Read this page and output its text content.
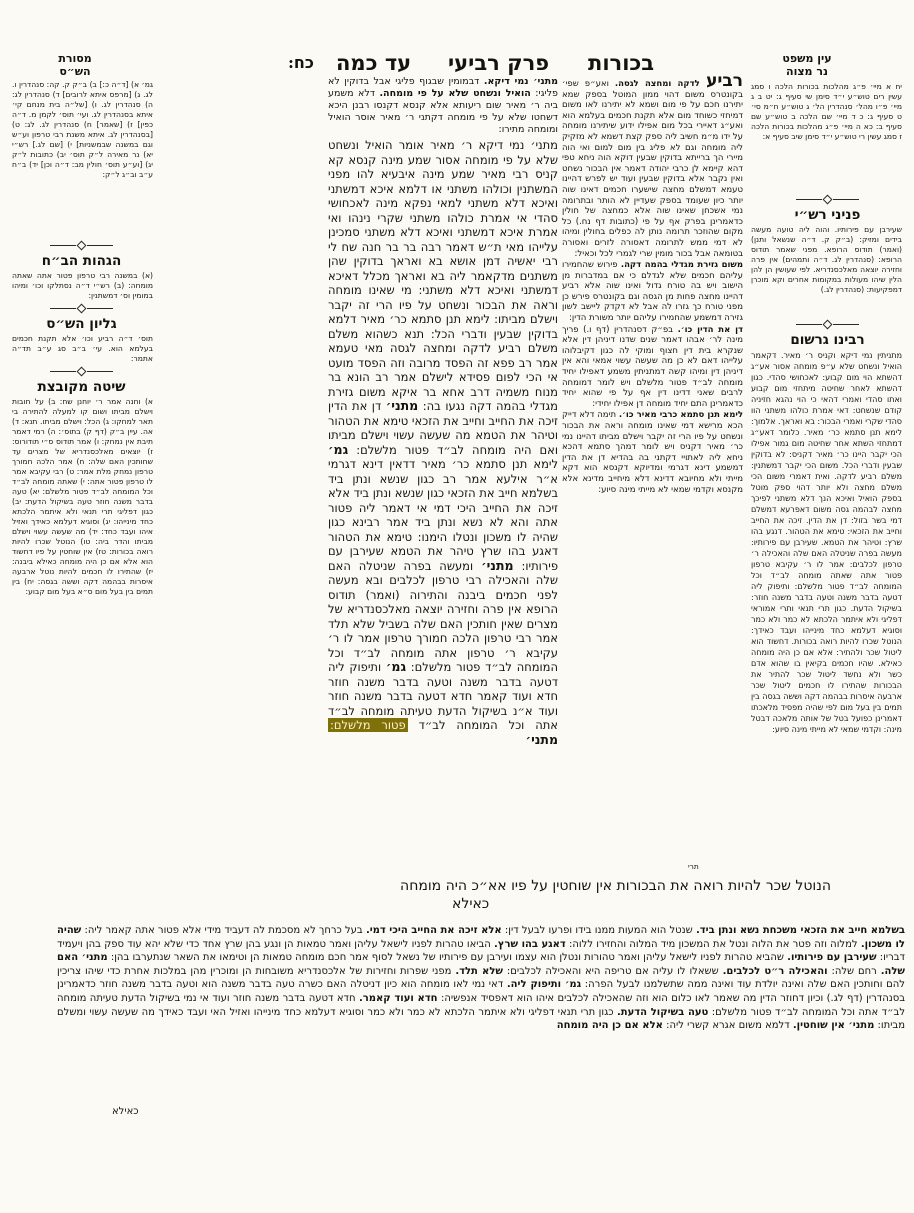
עין משפט
נר מצוה
כח: עד כמה פרק רביעי בכורות
מסורת
הש״ס
יח א מיי׳ פ״ג מהלכות בכורות הלכה ו סמג עשין רים טוש״ע י״ד סימן שי סעיף ג: יט ב ג מיי׳ פ״ו מהל׳ סנהדרין הל׳ ג טוש״ע ח״מ סי׳ ט סעיף ג: כ ד מיי׳ שם הלכה ב טוש״ע שם סעיף ב: כא ה מיי׳ פ״ג מהלכות בכורות הלכה ז סמג עשין רי טוש״ע י״ד סימן שיב סעיף א:
פניני רש״י
שעירבן עם פירותיו. והוה ליה טועה מעשה בידים ומזיק: (ב״ק ק. ד״ה שנשאל ותנן) (ואמר) תודוס הרופא. מפני שאמר תודוס הרופא: (סנהדרין לג. ד״ה ותמהים) אין פרה וחזירה יוצאה מאלכסנדריא. לפי שעושין הן להן הלין שיהו מעולות במקומות אחרים וקא מוכרן דמפקיעות: (סנהדרין לג.)
רבינו גרשום
מתניתין נמי דיקא וקניס ר׳ מאיר. דקאמר הואיל ונשחט שלא ע״פ מומחה אסור אע״ג דהשתא הוי מום קבוע: לאכחושי סהדי. כגון דהשתא לאחר שחיטה מיתחזי מום קבוע ואתו סהדי ואמרי דהאי כי הוי נהגא חזיניה קודם שנשחט: דאי אמרת כולהו משתני הוו סהדי שקרי ואמרי הבכור: בא ואראך. אלמוך: לימא תנן סתמא כר׳ מאיר. כלומר דאע״ג דמתחזי השתא אחר שחיטה מום גמור אפילו הכי יקבר היינו כר׳ מאיר דקניס: לא בדוקין שבעין ודברי הכל. משום הכי יקבר דמשתנין: משלם רביע לדקה. ואית דאמרי משום הכי משלם מחצה ולא יותר דהוי ספק מוטל בספק הואיל ואיכא הנך דלא משתני לפיכך מחצה לבהמה גסה משום דאפרעא דמשלם דמי בשר בזול: דן את הדין. זיכה את החייב וחייב את הזכאי: טימא את הטהור. דנגע בהו שרץ: וטיהר את הטמא. שעירבן עם פירותיו: מעשה בפרה שניטלה האם שלה והאכילה ר׳ טרפון לכלבים: אמר לו ר׳ עקיבא טרפון פטור אתה שאתה מומחה לב״ד וכל המומחה לב״ד פטור מלשלם: ותיפוק ליה דטעה בדבר משנה וטעה בדבר משנה חוזר: בשיקול הדעת. כגון תרי תנאי ותרי אמוראי דפליגי ולא איתמר הלכתא לא כמר ולא כמר וסוגיא דעלמא כחד מינייהו ועבד כאידך: הנוטל שכרו להיות רואה בכורות. דחשוד הוא ליטול שכר ולהתיר: אלא אם כן היה מומחה כאילא. שהיו חכמים בקיאין בו שהוא אדם כשר ולא נחשד ליטול שכר להתיר את הבכורות שהתירו לו חכמים ליטול שכר ארבעה איסרות בבהמה דקה וששה בגסה בין תמים בין בעל מום לפי שהיה מפסיד מלאכתו דאמרינן כפועל בטל של אותה מלאכה דבטל מינה: וקדמי שמאי לא מייתי מינה סיוע:
גמ׳ א) [ד״ה כ:] ב) ב״ק ק. קה: סנהדרין ו. לג. ג) [מרפס איתא לרובים] ד) סנהדרין לג: ה) סנהדרין לג. ו) [של״ה בית מנחם קי׳ איתא בסנהדרין לג. ועי׳ תוס׳ לקמן מ. ד״ה כפין] ז) [שאמר] ח) סנהדרין לג. לג: ט) [בסנהדרין לג. איתא משנת רבי טרפון וע״ש וגם במשנה שבמשניות] י) [שם לג.] רש״י יא) נר מאירה ל״ק תוס׳ יב) כתובות ל״ק יג) [וע״ע תוס׳ חולין מב: ד״ה וכן] יד) ב״ח ע״ב וב״ג ל״ק:
הגהות הב״ח
(א) במשנה רבי טרפון פטור אתה שאתה מומחה: (ב) רש״י ד״ה נסתלקו וכו׳ ומיהו במומין וס׳ דמשתנין:
גליון הש״ס
תוס׳ ד״ה רביע וכו׳ אלא תקנת חכמים בעלמא הוא. עי׳ ב״ב סג ע״ב תד״ה אתמר:
שיטה מקובצת
א) וחנה אמר ר׳ יוחנן שח: ב) על חובות וישלם מביתו ושום קו למעלה להתירה בי תאר למחקו: ג) הכל: וישלם מביתו. תנא: ד) אה. עיין ב״ק (דף ק) בתוס׳: ה) רמי דאמר תיבת אין נמחק: ו) אמר תודוס ס״י תודורוס: ז) יוצאים מאלכסנדריא של מצרים עד שחותכין האם שלה: ח) אמר הלכה חמורך טרפון נמחק מלת אמר: ט) רבי עקיבא אמר לו טרפון פטור אתה: י) שאתה מומחה לב״ד וכל המומחה לב״ד פטור מלשלם: יא) טעה בדבר משנה חוזר טעה בשיקול הדעת: יב) כגון דפליגי תרי תנאי ולא איתמר הלכתא כחד מינייהו: יג) וסוגיא דעלמא כאידך ואזיל איהו ועבד כחד: יד) מה שעשה עשוי וישלם מביתו והדר ביה: טו) הנוטל שכרו להיות רואה בכורות: טז) אין שוחטין על פיו דחשוד הוא אלא אם כן היה מומחה כאילא ביבנה: יז) שהתירו לו חכמים להיות נוטל ארבעה איסרות בבהמה דקה וששה בגסה: יח) בין תמים בין בעל מום ס״א בעל מום קבוע:
מתני׳ נמי דיקא. דבמומין שבגוף פליגי אבל בדוקין לא פליגי: הואיל ונשחט שלא על פי מומחה. דלא משמע ביה ר׳ מאיר שום ריעותא אלא קנסא דקנסו רבנן היכא דשחטו שלא על פי מומחה דקתני ר׳ מאיר אוסר הואיל ומומחה מתירו:

רביע לדקה ומחצה לגסה. ואע״פ שפי׳ בקונטרס משום דהוי ממון המוטל בספק שמא יתירנו חכם על פי מום ושמא לא יתירנו לאו משום דמיחזי כשוחד מום אלא תקנת חכמים בעלמא הוא ואע״ג דאיירי בכל מום אפילו ידוע שיתירנו מומחה על ידו מ״מ חשיב ליה ספק קצת דשמא לא מזקיק ליה מומחה וגם לא פליג בין מום למום ואי הוה מיירי הך ברייתא בדוקין שבעין דוקא הוה ניחא טפי דהא קיימא לן כרבי יהודה דאמר אין הבכור נשחט ואין נקבר אלא בדוקין שבעין ועוד יש לפרש דהיינו טעמא דמשלם מחצה שישערו חכמים דאינו שוה יותר כיון שעומד בספק שעדיין לא הותר ובתרומה נמי אשכחן שאינו שוה אלא כמחצה של חולין כדאמרינן בפרק אף על פי (כתובות דף נח.) כל מקום שהוזכר תרומה נותן לה כפלים בחולין ומיהו לא דמי ממש לתרומה דאסורה לזרים ואסורה בטומאה אבל בכור מומין שרי לגמרי לכל וכאיל:

משום גזירת מגדלי בהמה דקה. פירוש שהחמירו עליהם חכמים שלא לגדלם כי אם במדברות מן הישוב ויש בה טורח גדול ואינו שוה אלא רביע דהיינו מחצה פחות מן הגסה וגם בקונטרס פירש כן מפני טורח כך גזרו לה אבל לא דקדק ליישב לשון גזירה דמשמע שהחמירו עליהם יותר משורת הדין:

דן את הדין כו׳. בפ״ק דסנהדרין (דף ו.) פריך מינה לר׳ אבהו דאמר שנים שדנו דיניהן דין אלא שנקרא בית דין חצוף ומוקי לה כגון דקיבלוהו עלייהו דאם לא כן מה שעשה עשוי אמאי והא אין דיניהן דין ומיהו קשה דמתניתין משמע דאפילו יחיד מומחה לב״ד פטור מלשלם ויש לומר דמומחה לרבים שאני דדינו דין אף על פי שהוא יחיד כדאמרינן התם יחיד מומחה דן אפילו יחידי:

לימא תנן סתמא כרבי מאיר כו׳. תימה דלא דייק הכא מרישא דמי שאינו מומחה וראה את הבכור ונשחט על פיו הרי זה יקבר וישלם מביתו דהיינו נמי כר׳ מאיר דקניס ויש לומר דמהך סתמא דהכא ניחא ליה לאתויי דקתני בה בהדיא דן את הדין דמשמע דינא דגרמי ומדיוקא דקנסא הוא דקא מייתי ולא מחיובא דדינא דלא מיחייב מדינא אלא מקנסא וקדמי שמאי לא מייתי מינה סיוע:

תרי
מתני׳ נמי דיקא ר׳ מאיר אומר הואיל ונשחט שלא על פי מומחה אסור שמע מינה קנסא קא קניס רבי מאיר שמע מינה איבעיא להו מפני המשתנין וכולהו משתני או דלמא איכא דמשתני ואיכא דלא משתני למאי נפקא מינה לאכחושי סהדי אי אמרת כולהו משתני שקרי נינהו ואי אמרת איכא דמשתני ואיכא דלא משתני סמכינן עלייהו מאי ת״ש דאמר רבה בר בר חנה שח לי רבי יאשיה דמן אושא בא ואראך בדוקין שהן משתנים מדקאמר ליה בא ואראך מכלל דאיכא דמשתני ואיכא דלא משתני: מי שאינו מומחה וראה את הבכור ונשחט על פיו הרי זה יקבר וישלם מביתו: לימא תנן סתמא כר׳ מאיר דלמא בדוקין שבעין ודברי הכל: תנא כשהוא משלם משלם רביע לדקה ומחצה לגסה מאי טעמא אמר רב פפא זה הפסד מרובה וזה הפסד מועט אי הכי לפום פסידא לישלם אמר רב הונא בר מנוח משמיה דרב אחא בר איקא משום גזירת מגדלי בהמה דקה נגעו בה: מתני׳ דן את הדין זיכה את החייב וחייב את הזכאי טימא את הטהור וטיהר את הטמא מה שעשה עשוי וישלם מביתו ואם היה מומחה לב״ד פטור מלשלם: גמ׳ לימא תנן סתמא כר׳ מאיר דדאין דינא דגרמי א״ר אילעא אמר רב כגון שנשא ונתן ביד בשלמא חייב את הזכאי כגון שנשא ונתן ביד אלא זיכה את החייב היכי דמי אי דאמר ליה פטור אתה והא לא נשא ונתן ביד אמר רבינא כגון שהיה לו משכון ונטלו הימנו: טימא את הטהור דאגע בהו שרץ טיהר את הטמא שעירבן עם פירותיו: מתני׳ ומעשה בפרה שניטלה האם שלה והאכילה רבי טרפון לכלבים ובא מעשה לפני חכמים ביבנה והתירוה (ואמר) תודוס הרופא אין פרה וחזירה יוצאה מאלכסנדריא של מצרים שאין חותכין האם שלה בשביל שלא תלד אמר רבי טרפון הלכה חמורך טרפון אמר לו ר׳ עקיבא ר׳ טרפון אתה מומחה לב״ד וכל המומחה לב״ד פטור מלשלם: גמ׳ ותיפוק ליה דטעה בדבר משנה וטעה בדבר משנה חוזר חדא ועוד קאמר חדא דטעה בדבר משנה חוזר ועוד א״נ בשיקול הדעת טעיתה מומחה לב״ד אתה וכל המומחה לב״ד פטור מלשלם: מתני׳
הנוטל שכר להיות רואה את הבכורות אין שוחטין על פיו אא״כ היה מומחה
כאילא
בשלמא חייב את הזכאי משכחת נשא ונתן ביד. שנטל הוא המעות ממנו בידו ופרעו לבעל דין: אלא זיכה את החייב היכי דמי. בעל כרחך לא מסכמת לה דעביד מידי אלא פטור אתה קאמר ליה: שהיה לו משכון. למלוה וזה פטר את הלוה ונטל את המשכון מיד המלוה והחזירו ללוה: דאגע בהו שרץ. הביאו טהרות לפניו לישאל עליהן ואמר טמאות הן ונגע בהן שרץ אחד כדי שלא יהא עוד ספק בהן ויעמיד דבריו: שעירבן עם פירותיו. שהביא טהרות לפניו לישאל עליהן ואמר טהורות ונטלן הוא עצמו ועירבן עם פירותיו של נשאל לסוף אמר חכם מומחה טמאות הן וטימאו את השאר שנתערבו בהן: מתני׳ האם שלה. רחם שלה: והאכילה ר״ט לכלבים. ששאלו לו עליה אם טריפה היא והאכילה לכלבים: שלא תלד. מפני שפרות וחזירות של אלכסנדריא משובחות הן ומוכרין מהן במלכות אחרת כדי שיהו צריכין להם וחותכין האם שלה ואינה יולדת עוד ואינה ממה שתשלמנו לבעל הפרה: גמ׳ ותיפוק ליה. דאי נמי לאו מומחה הוא כיון דניטלה האם כשרה טעה בדבר משנה הוא וטעה בדבר משנה חוזר כדאמרינן בסנהדרין (דף לג.) וכיון דחוזר הדין מה שאמר לאו כלום הוא וזה שהאכילה לכלבים איהו הוא דאפסיד אנפשיה: חדא ועוד קאמר. חדא דטעה בדבר משנה חוזר ועוד אי נמי בשיקול הדעת טעיתה מומחה לב״ד אתה וכל המומחה לב״ד פטור מלשלם: טעה בשיקול הדעת. כגון תרי תנאי דפליגי ולא איתמר הלכתא לא כמר ולא כמר וסוגיא דעלמא כחד מינייהו ואזיל האי ועבד כאידך מה שעשה עשוי ומשלם מביתו: מתני׳ אין שוחטין. דלמא משום אגרא קשרי ליה: אלא אם כן היה מומחה
כאילא
